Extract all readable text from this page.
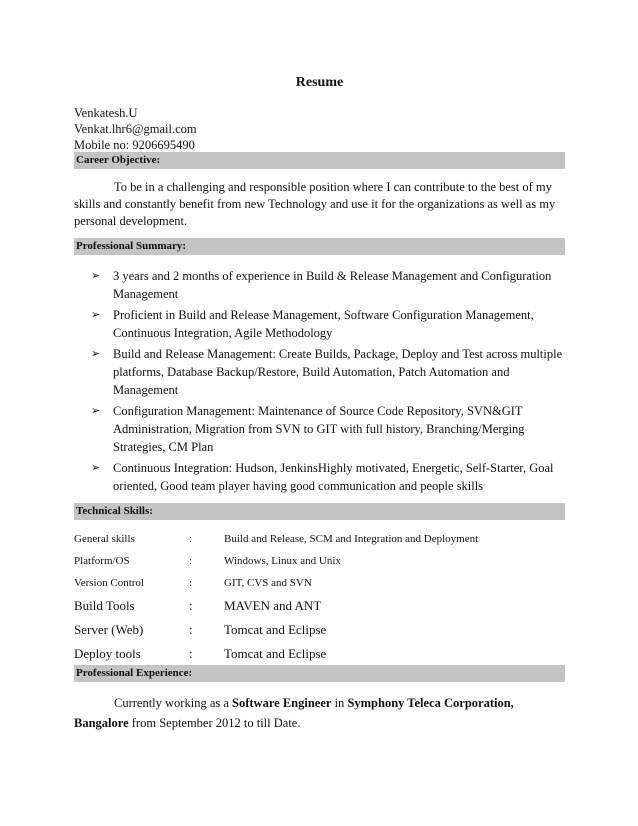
Resume
Venkatesh.U
Venkat.lhr6@gmail.com
Mobile no: 9206695490
Career Objective:

To be in a challenging and responsible position where I can contribute to the best of my skills and constantly benefit from new Technology and use it for the organizations as well as my personal development.

Professional Summary:
➢ 3 years and 2 months of experience in Build & Release Management and Configuration Management
➢ Proficient in Build and Release Management, Software Configuration Management, Continuous Integration, Agile Methodology
➢ Build and Release Management: Create Builds, Package, Deploy and Test across multiple platforms, Database Backup/Restore, Build Automation, Patch Automation and Management
➢ Configuration Management: Maintenance of Source Code Repository, SVN&GIT Administration, Migration from SVN to GIT with full history, Branching/Merging Strategies, CM Plan
➢ Continuous Integration: Hudson, JenkinsHighly motivated, Energetic, Self-Starter, Goal oriented, Good team player having good communication and people skills
Technical Skills:
General skills	:	Build and Release, SCM and Integration and Deployment
Platform/OS	:	Windows, Linux and Unix
Version Control	:	GIT, CVS and SVN
Build Tools	:	MAVEN and ANT
Server (Web)	:	Tomcat and Eclipse
Deploy tools	:	Tomcat and Eclipse
Professional Experience:

Currently working as a Software Engineer in Symphony Teleca Corporation, Bangalore from September 2012 to till Date.
